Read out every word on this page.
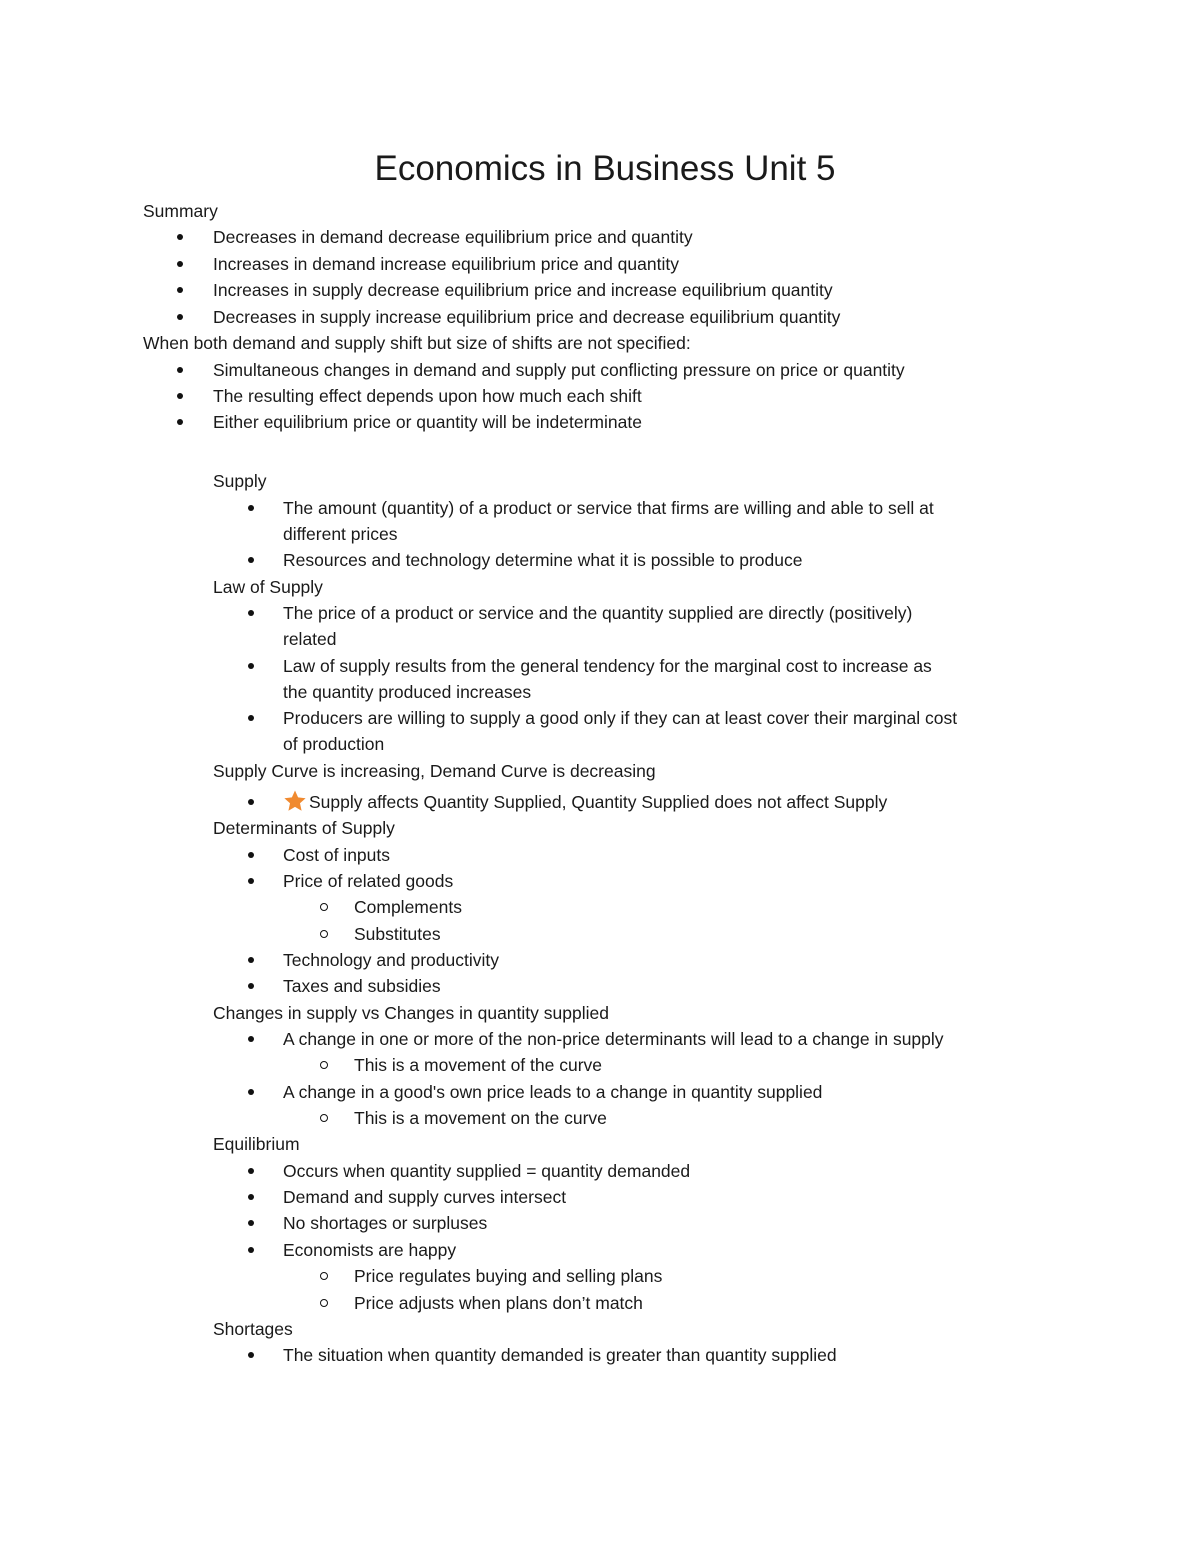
Economics in Business Unit 5
Summary
Decreases in demand decrease equilibrium price and quantity
Increases in demand increase equilibrium price and quantity
Increases in supply decrease equilibrium price and increase equilibrium quantity
Decreases in supply increase equilibrium price and decrease equilibrium quantity
When both demand and supply shift but size of shifts are not specified:
Simultaneous changes in demand and supply put conflicting pressure on price or quantity
The resulting effect depends upon how much each shift
Either equilibrium price or quantity will be indeterminate
Supply
The amount (quantity) of a product or service that firms are willing and able to sell at
different prices
Resources and technology determine what it is possible to produce
Law of Supply
The price of a product or service and the quantity supplied are directly (positively)
related
Law of supply results from the general tendency for the marginal cost to increase as
the quantity produced increases
Producers are willing to supply a good only if they can at least cover their marginal cost
of production
Supply Curve is increasing, Demand Curve is decreasing
Supply affects Quantity Supplied, Quantity Supplied does not affect Supply
Determinants of Supply
Cost of inputs
Price of related goods
Complements
Substitutes
Technology and productivity
Taxes and subsidies
Changes in supply vs Changes in quantity supplied
A change in one or more of the non-price determinants will lead to a change in supply
This is a movement of the curve
A change in a good's own price leads to a change in quantity supplied
This is a movement on the curve
Equilibrium
Occurs when quantity supplied = quantity demanded
Demand and supply curves intersect
No shortages or surpluses
Economists are happy
Price regulates buying and selling plans
Price adjusts when plans don’t match
Shortages
The situation when quantity demanded is greater than quantity supplied
